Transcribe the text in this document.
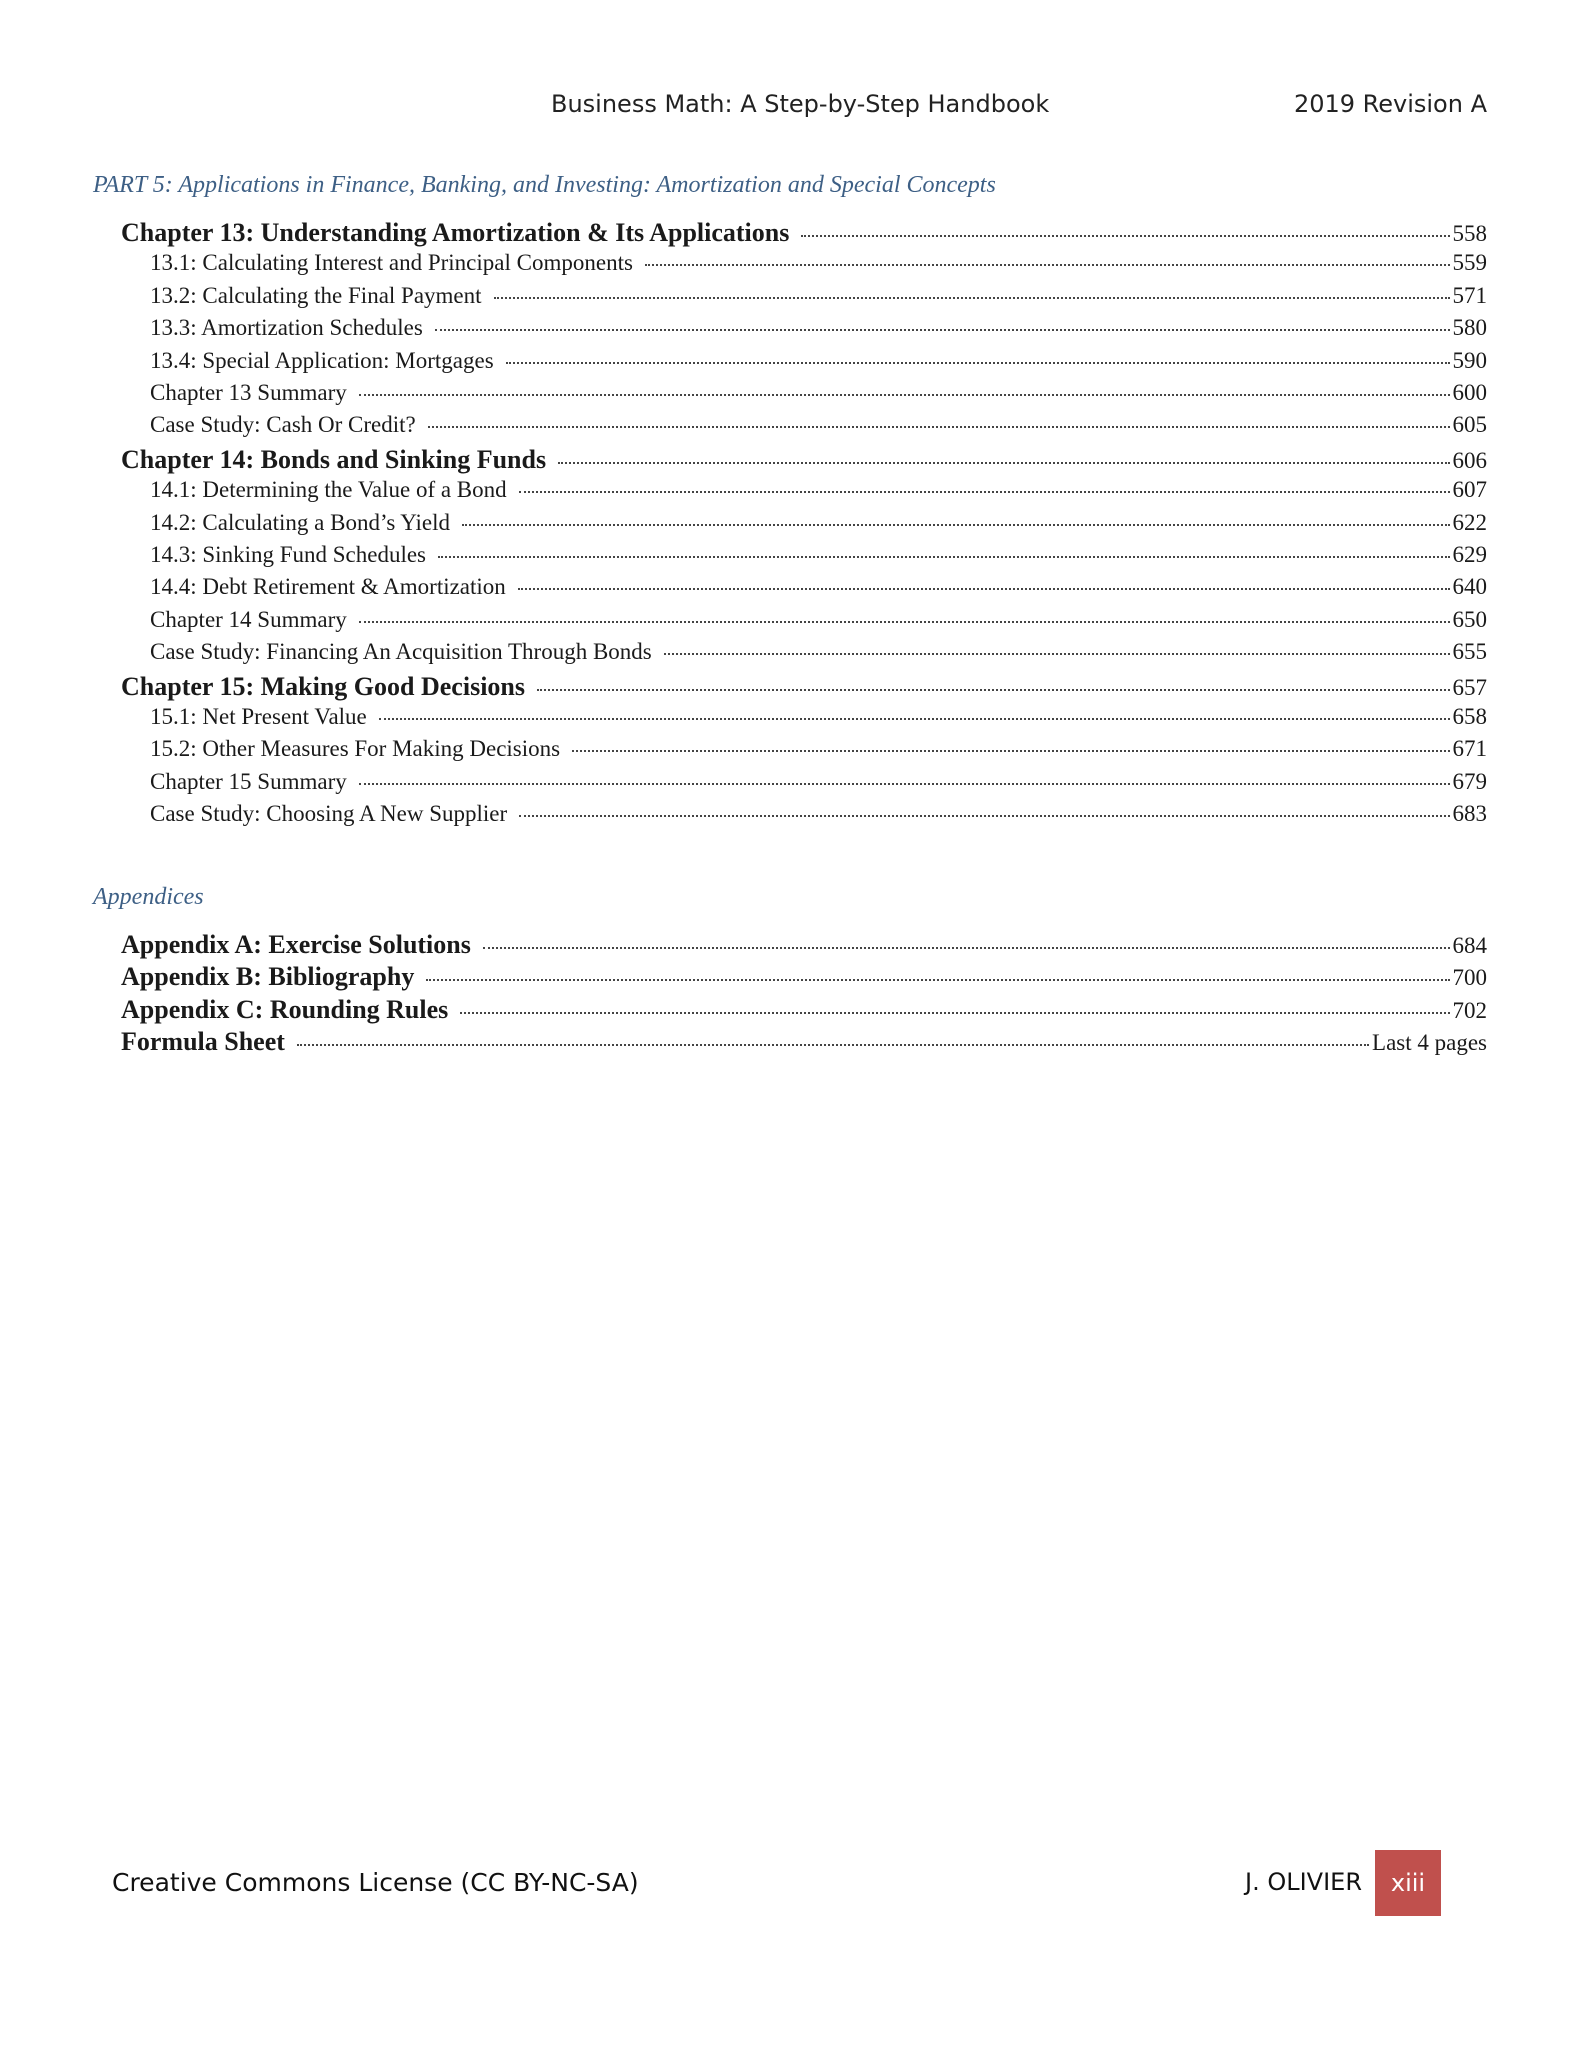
Business Math: A Step-by-Step Handbook	2019 Revision A
PART 5: Applications in Finance, Banking, and Investing: Amortization and Special Concepts
Chapter 13: Understanding Amortization & Its Applications	558
13.1: Calculating Interest and Principal Components	559
13.2: Calculating the Final Payment	571
13.3: Amortization Schedules	580
13.4: Special Application: Mortgages	590
Chapter 13 Summary	600
Case Study: Cash Or Credit?	605
Chapter 14: Bonds and Sinking Funds	606
14.1: Determining the Value of a Bond	607
14.2: Calculating a Bond’s Yield	622
14.3: Sinking Fund Schedules	629
14.4: Debt Retirement & Amortization	640
Chapter 14 Summary	650
Case Study: Financing An Acquisition Through Bonds	655
Chapter 15: Making Good Decisions	657
15.1: Net Present Value	658
15.2: Other Measures For Making Decisions	671
Chapter 15 Summary	679
Case Study: Choosing A New Supplier	683
Appendices
Appendix A: Exercise Solutions	684
Appendix B: Bibliography	700
Appendix C: Rounding Rules	702
Formula Sheet	Last 4 pages
Creative Commons License (CC BY-NC-SA)	J. OLIVIER	xiii
